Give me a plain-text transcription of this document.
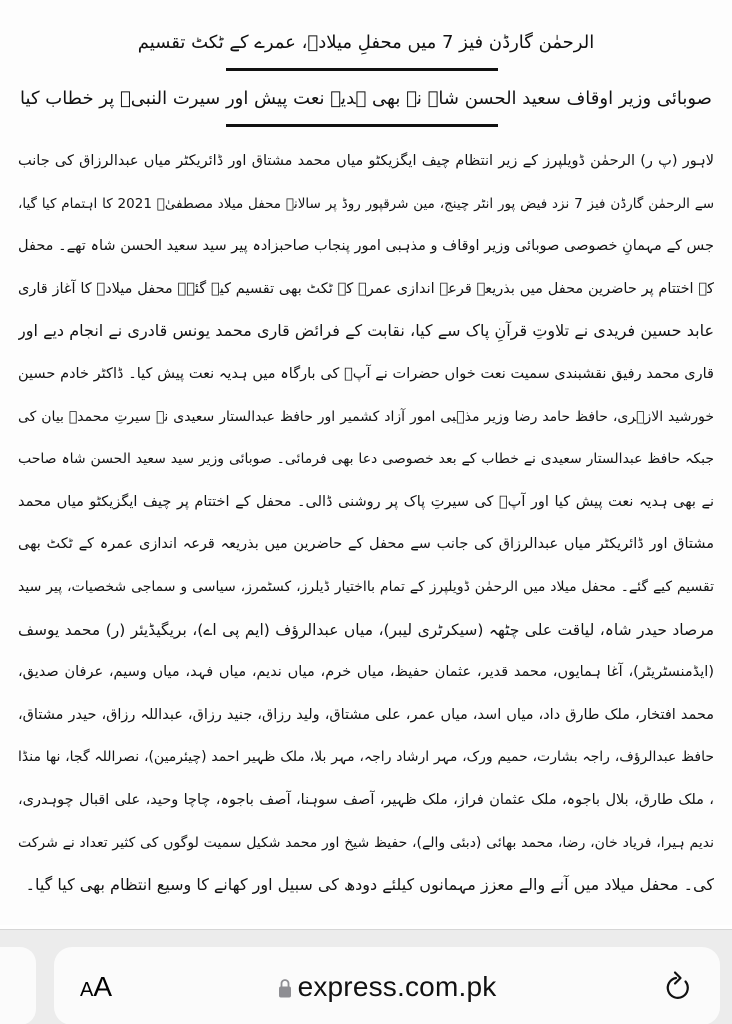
الرحمٰن گارڈن فیز 7 میں محفلِ میلادؐ، عمرے کے ٹکٹ تقسیم
صوبائی وزیر اوقاف سعید الحسن شاہ نے بھی ہدیہ نعت پیش اور سیرت النبیؐ پر خطاب کیا
لاہور (پ ر) الرحمٰن ڈویلپرز کے زیر انتظام چیف ایگزیکٹو میاں محمد مشتاق اور ڈائریکٹر میاں عبدالرزاق کی جانب
سے الرحمٰن گارڈن فیز 7 نزد فیض پور انٹر چینج، مین شرقپور روڈ پر سالانہ محفل میلاد مصطفیٰؐ 2021 کا اہتمام کیا گیا،
جس کے مہمانِ خصوصی صوبائی وزیر اوقاف و مذہبی امور پنجاب صاحبزادہ پیر سید سعید الحسن شاہ تھے۔ محفل
کے اختتام پر حاضرین محفل میں بذریعہ قرعہ اندازی عمرہ کے ٹکٹ بھی تقسیم کیے گئے۔ محفل میلادؐ کا آغاز قاری
عابد حسین فریدی نے تلاوتِ قرآنِ پاک سے کیا، نقابت کے فرائض قاری محمد یونس قادری نے انجام دیے اور
قاری محمد رفیق نقشبندی سمیت نعت خواں حضرات نے آپؐ کی بارگاہ میں ہدیہ نعت پیش کیا۔ ڈاکٹر خادم حسین
خورشید الازہری، حافظ حامد رضا وزیر مذہبی امور آزاد کشمیر اور حافظ عبدالستار سعیدی نے سیرتِ محمدؐ بیان کی
جبکہ حافظ عبدالستار سعیدی نے خطاب کے بعد خصوصی دعا بھی فرمائی۔ صوبائی وزیر سید سعید الحسن شاہ صاحب
نے بھی ہدیہ نعت پیش کیا اور آپؐ کی سیرتِ پاک پر روشنی ڈالی۔ محفل کے اختتام پر چیف ایگزیکٹو میاں محمد
مشتاق اور ڈائریکٹر میاں عبدالرزاق کی جانب سے محفل کے حاضرین میں بذریعہ قرعہ اندازی عمرہ کے ٹکٹ بھی
تقسیم کیے گئے۔ محفل میلاد میں الرحمٰن ڈویلپرز کے تمام بااختیار ڈیلرز، کسٹمرز، سیاسی و سماجی شخصیات، پیر سید
مرصاد حیدر شاہ، لیاقت علی چٹھہ (سیکرٹری لیبر)، میاں عبدالرؤف (ایم پی اے)، بریگیڈیئر (ر) محمد یوسف
(ایڈمنسٹریٹر)، آغا ہمایوں، محمد قدیر، عثمان حفیظ، میاں خرم، میاں ندیم، میاں فہد، میاں وسیم، عرفان صدیق،
محمد افتخار، ملک طارق داد، میاں اسد، میاں عمر، علی مشتاق، ولید رزاق، جنید رزاق، عبداللہ رزاق، حیدر مشتاق،
حافظ عبدالرؤف، راجہ بشارت، حمیم ورک، مہر ارشاد راجہ، مہر بلا، ملک ظہیر احمد (چیئرمین)، نصراللہ گجا، نھا منڈا
، ملک طارق، بلال باجوہ، ملک عثمان فراز، ملک ظہیر، آصف سوہنا، آصف باجوہ، چاچا وحید، علی اقبال چوہدری،
ندیم ہیرا، فریاد خان، رضا، محمد بھائی (دبئی والے)، حفیظ شیخ اور محمد شکیل سمیت لوگوں کی کثیر تعداد نے شرکت
کی۔ محفل میلاد میں آنے والے معزز مہمانوں کیلئے دودھ کی سبیل اور کھانے کا وسیع انتظام بھی کیا گیا۔
AA	express.com.pk
